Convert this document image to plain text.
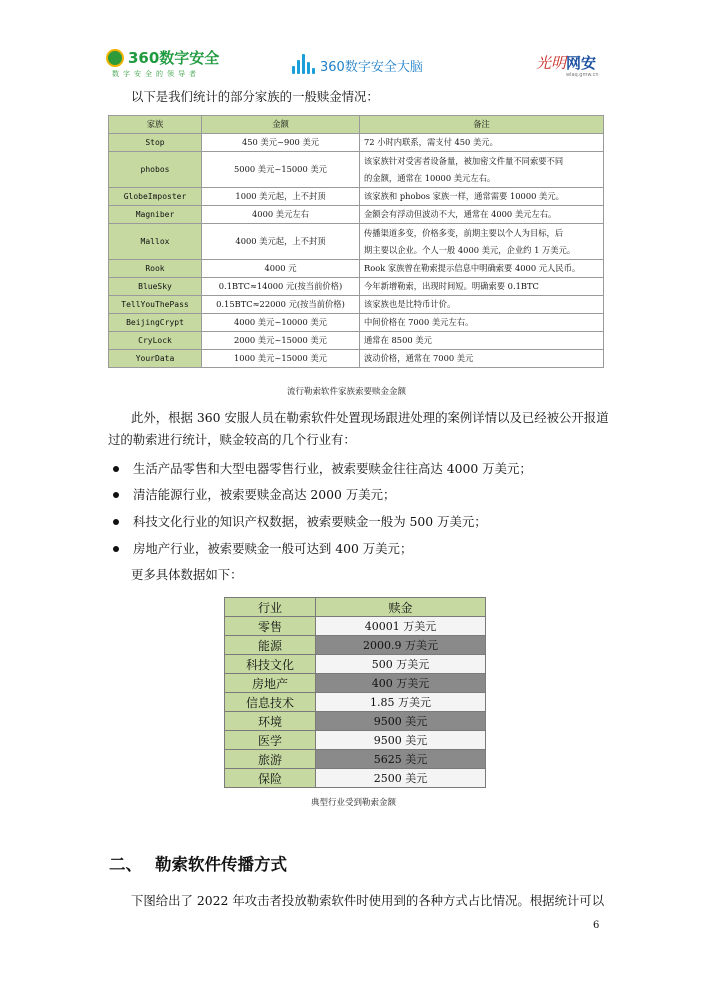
360数字安全
数字安全的领导者	360数字安全大脑	光明网安
wlaq.gmw.cn
以下是我们统计的部分家族的一般赎金情况：
家族	金额	备注
Stop	450 美元~900 美元	72 小时内联系，需支付 450 美元。
phobos	5000 美元~15000 美元	该家族针对受害者设备量，被加密文件量不同索要不同
的金额，通常在 10000 美元左右。

GlobeImposter	1000 美元起，上不封顶	该家族和 phobos 家族一样，通常需要 10000 美元。
Magniber	4000 美元左右	金额会有浮动但波动不大，通常在 4000 美元左右。
Mallox	4000 美元起，上不封顶	传播渠道多变，价格多变，前期主要以个人为目标，后
期主要以企业。个人一般 4000 美元，企业约 1 万美元。

Rook	4000 元	Rook 家族曾在勒索提示信息中明确索要 4000 元人民币。
BlueSky	0.1BTC≈14000 元(按当前价格)	今年新增勒索，出现时间短。明确索要 0.1BTC
TellYouThePass	0.15BTC≈22000 元(按当前价格)	该家族也是比特币计价。
BeijingCrypt	4000 美元~10000 美元	中间价格在 7000 美元左右。
CryLock	2000 美元~15000 美元	通常在 8500 美元
YourData	1000 美元~15000 美元	波动价格，通常在 7000 美元
流行勒索软件家族索要赎金金额
此外，根据 360 安服人员在勒索软件处置现场跟进处理的案例详情以及已经被公开报道
过的勒索进行统计，赎金较高的几个行业有：
生活产品零售和大型电器零售行业，被索要赎金往往高达 4000 万美元；
清洁能源行业，被索要赎金高达 2000 万美元；
科技文化行业的知识产权数据，被索要赎金一般为 500 万美元；
房地产行业，被索要赎金一般可达到 400 万美元；
更多具体数据如下：
行业	赎金
零售	40001 万美元
能源	2000.9 万美元
科技文化	500 万美元
房地产	400 万美元
信息技术	1.85 万美元
环境	9500 美元
医学	9500 美元
旅游	5625 美元
保险	2500 美元
典型行业受到勒索金额
二、 勒索软件传播方式
下图给出了 2022 年攻击者投放勒索软件时使用到的各种方式占比情况。根据统计可以
6
